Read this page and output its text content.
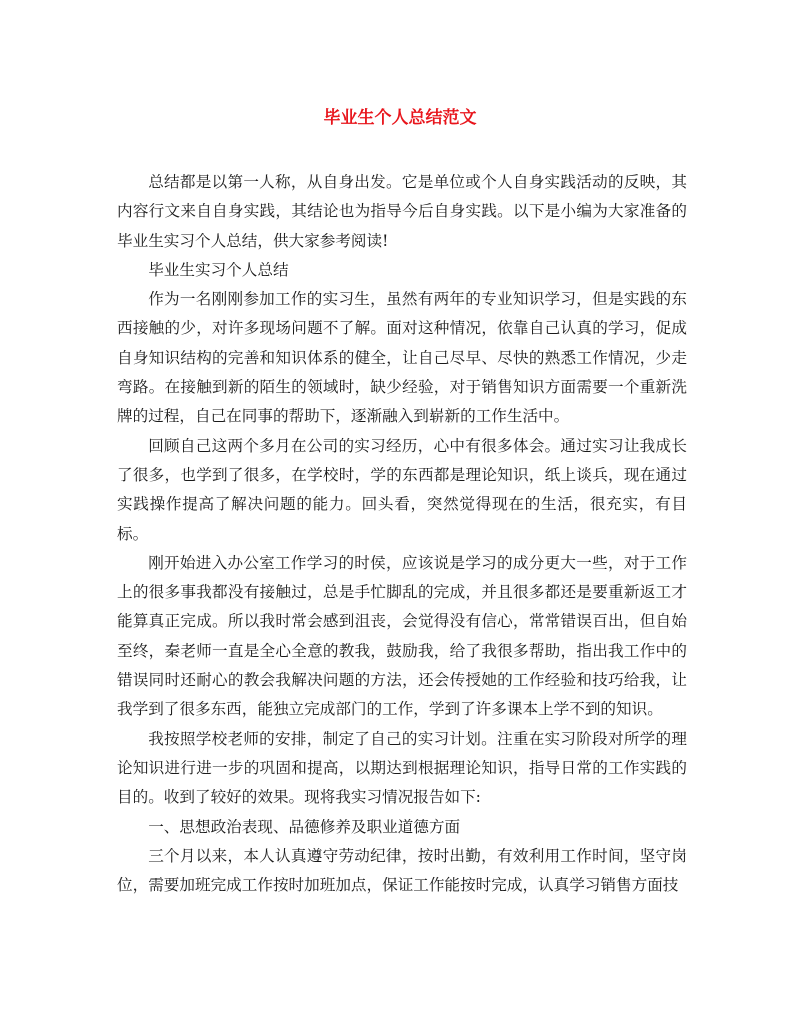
毕业生个人总结范文

总结都是以第一人称，从自身出发。它是单位或个人自身实践活动的反映，其内容行文来自自身实践，其结论也为指导今后自身实践。以下是小编为大家准备的毕业生实习个人总结，供大家参考阅读!

毕业生实习个人总结

作为一名刚刚参加工作的实习生，虽然有两年的专业知识学习，但是实践的东西接触的少，对许多现场问题不了解。面对这种情况，依靠自己认真的学习，促成自身知识结构的完善和知识体系的健全，让自己尽早、尽快的熟悉工作情况，少走弯路。在接触到新的陌生的领域时，缺少经验，对于销售知识方面需要一个重新洗牌的过程，自己在同事的帮助下，逐渐融入到崭新的工作生活中。

回顾自己这两个多月在公司的实习经历，心中有很多体会。通过实习让我成长了很多，也学到了很多，在学校时，学的东西都是理论知识，纸上谈兵，现在通过实践操作提高了解决问题的能力。回头看，突然觉得现在的生活，很充实，有目标。

刚开始进入办公室工作学习的时侯，应该说是学习的成分更大一些，对于工作上的很多事我都没有接触过，总是手忙脚乱的完成，并且很多都还是要重新返工才能算真正完成。所以我时常会感到沮丧，会觉得没有信心，常常错误百出，但自始至终，秦老师一直是全心全意的教我，鼓励我，给了我很多帮助，指出我工作中的错误同时还耐心的教会我解决问题的方法，还会传授她的工作经验和技巧给我，让我学到了很多东西，能独立完成部门的工作，学到了许多课本上学不到的知识。

我按照学校老师的安排，制定了自己的实习计划。注重在实习阶段对所学的理论知识进行进一步的巩固和提高，以期达到根据理论知识，指导日常的工作实践的目的。收到了较好的效果。现将我实习情况报告如下:

一、思想政治表现、品德修养及职业道德方面

三个月以来，本人认真遵守劳动纪律，按时出勤，有效利用工作时间，坚守岗位，需要加班完成工作按时加班加点，保证工作能按时完成，认真学习销售方面技
